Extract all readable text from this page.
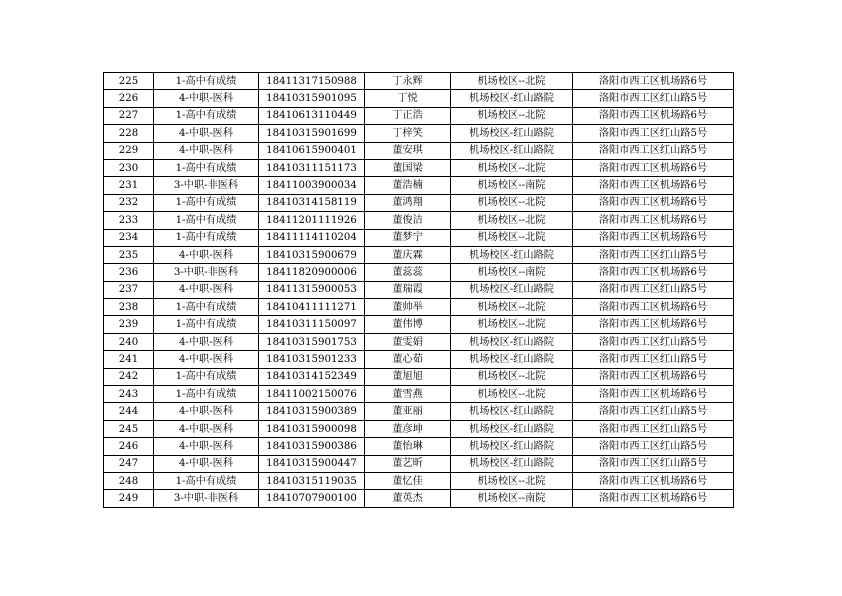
225	1-高中有成绩	18411317150988	丁永辉	机场校区--北院	洛阳市西工区机场路6号
226	4-中职-医科	18410315901095	丁悦	机场校区-红山路院	洛阳市西工区红山路5号
227	1-高中有成绩	18410613110449	丁正浩	机场校区--北院	洛阳市西工区机场路6号
228	4-中职-医科	18410315901699	丁梓笑	机场校区-红山路院	洛阳市西工区红山路5号
229	4-中职-医科	18410615900401	董安琪	机场校区-红山路院	洛阳市西工区红山路5号
230	1-高中有成绩	18410311151173	董国梁	机场校区--北院	洛阳市西工区机场路6号
231	3-中职-非医科	18411003900034	董浩楠	机场校区--南院	洛阳市西工区机场路6号
232	1-高中有成绩	18410314158119	董鸿翔	机场校区--北院	洛阳市西工区机场路6号
233	1-高中有成绩	18411201111926	董俊洁	机场校区--北院	洛阳市西工区机场路6号
234	1-高中有成绩	18411114110204	董梦宁	机场校区--北院	洛阳市西工区机场路6号
235	4-中职-医科	18410315900679	董庆霖	机场校区-红山路院	洛阳市西工区红山路5号
236	3-中职-非医科	18411820900006	董蕊蕊	机场校区--南院	洛阳市西工区机场路6号
237	4-中职-医科	18411315900053	董瑞霞	机场校区-红山路院	洛阳市西工区红山路5号
238	1-高中有成绩	18410411111271	董帅举	机场校区--北院	洛阳市西工区机场路6号
239	1-高中有成绩	18410311150097	董伟博	机场校区--北院	洛阳市西工区机场路6号
240	4-中职-医科	18410315901753	董雯娟	机场校区-红山路院	洛阳市西工区红山路5号
241	4-中职-医科	18410315901233	董心茹	机场校区-红山路院	洛阳市西工区红山路5号
242	1-高中有成绩	18410314152349	董旭旭	机场校区--北院	洛阳市西工区机场路6号
243	1-高中有成绩	18411002150076	董雪燕	机场校区--北院	洛阳市西工区机场路6号
244	4-中职-医科	18410315900389	董亚丽	机场校区-红山路院	洛阳市西工区红山路5号
245	4-中职-医科	18410315900098	董彦坤	机场校区-红山路院	洛阳市西工区红山路5号
246	4-中职-医科	18410315900386	董怡琳	机场校区-红山路院	洛阳市西工区红山路5号
247	4-中职-医科	18410315900447	董艺昕	机场校区-红山路院	洛阳市西工区红山路5号
248	1-高中有成绩	18410315119035	董忆佳	机场校区--北院	洛阳市西工区机场路6号
249	3-中职-非医科	18410707900100	董英杰	机场校区--南院	洛阳市西工区机场路6号
